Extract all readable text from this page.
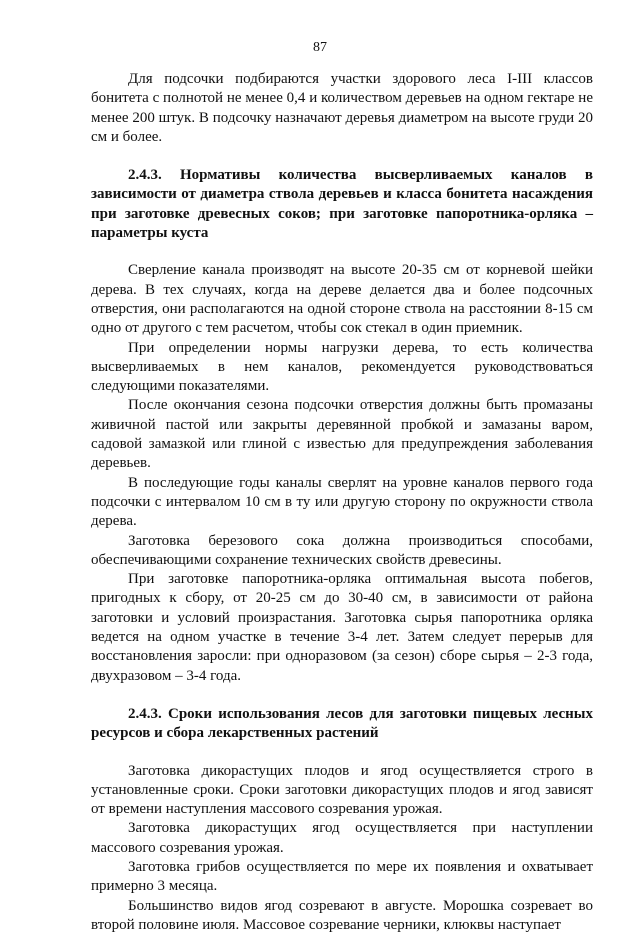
87

Для подсочки подбираются участки здорового леса I-III классов бонитета с полнотой не менее 0,4 и количеством деревьев на одном гектаре не менее 200 штук. В подсочку назначают деревья диаметром на высоте груди 20 см и более.

2.4.3. Нормативы количества высверливаемых каналов в зависимости от диаметра ствола деревьев и класса бонитета насаждения при заготовке древесных соков; при заготовке папоротника-орляка – параметры куста

Сверление канала производят на высоте 20-35 см от корневой шейки дерева. В тех случаях, когда на дереве делается два и более подсочных отверстия, они располагаются на одной стороне ствола на расстоянии 8-15 см одно от другого с тем расчетом, чтобы сок стекал в один приемник.

При определении нормы нагрузки дерева, то есть количества высверливаемых в нем каналов, рекомендуется руководствоваться следующими показателями.

После окончания сезона подсочки отверстия должны быть промазаны живичной пастой или закрыты деревянной пробкой и замазаны варом, садовой замазкой или глиной с известью для предупреждения заболевания деревьев.

В последующие годы каналы сверлят на уровне каналов первого года подсочки с интервалом 10 см в ту или другую сторону по окружности ствола дерева.

Заготовка березового сока должна производиться способами, обеспечивающими сохранение технических свойств древесины.

При заготовке папоротника-орляка оптимальная высота побегов, пригодных к сбору, от 20-25 см до 30-40 см, в зависимости от района заготовки и условий произрастания. Заготовка сырья папоротника орляка ведется на одном участке в течение 3-4 лет. Затем следует перерыв для восстановления заросли: при одноразовом (за сезон) сборе сырья – 2-3 года, двухразовом – 3-4 года.

2.4.3. Сроки использования лесов для заготовки пищевых лесных ресурсов и сбора лекарственных растений

Заготовка дикорастущих плодов и ягод осуществляется строго в установленные сроки. Сроки заготовки дикорастущих плодов и ягод зависят от времени наступления массового созревания урожая.

Заготовка дикорастущих ягод осуществляется при наступлении массового созревания урожая.

Заготовка грибов осуществляется по мере их появления и охватывает примерно 3 месяца.

Большинство видов ягод созревают в августе. Морошка созревает во второй половине июля. Массовое созревание черники, клюквы наступает
